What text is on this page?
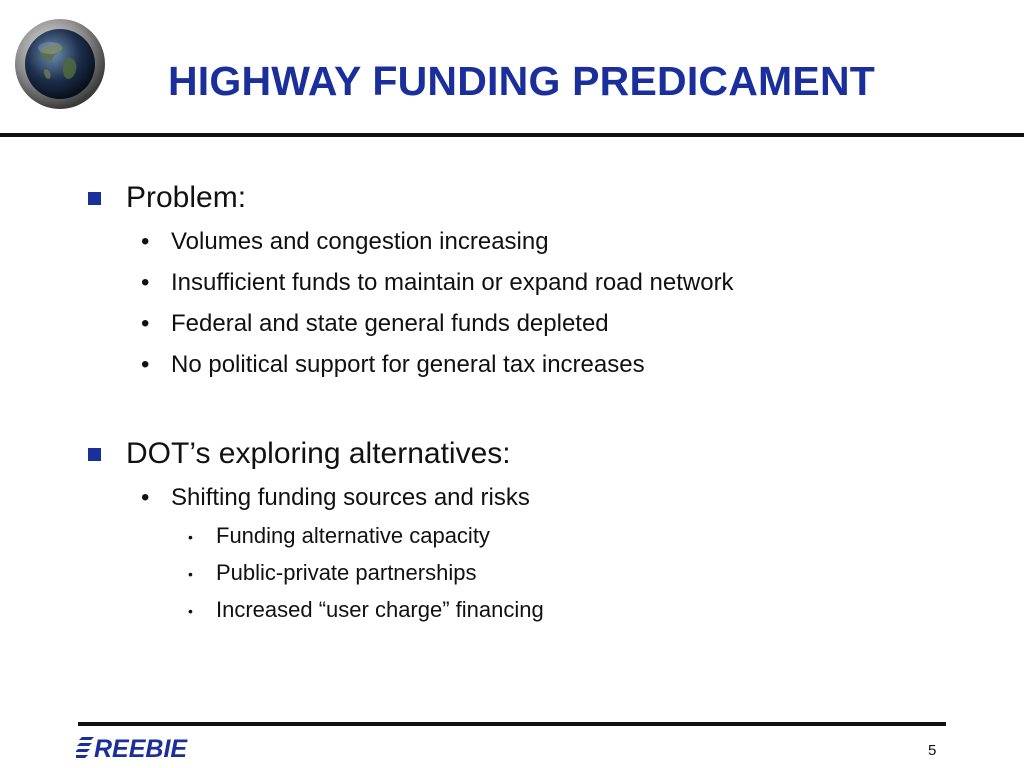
HIGHWAY FUNDING PREDICAMENT
Problem:
• Volumes and congestion increasing
• Insufficient funds to maintain or expand road network
• Federal and state general funds depleted
• No political support for general tax increases
DOT’s exploring alternatives:
• Shifting funding sources and risks
• Funding alternative capacity
• Public-private partnerships
• Increased “user charge” financing
REEBIE	5
